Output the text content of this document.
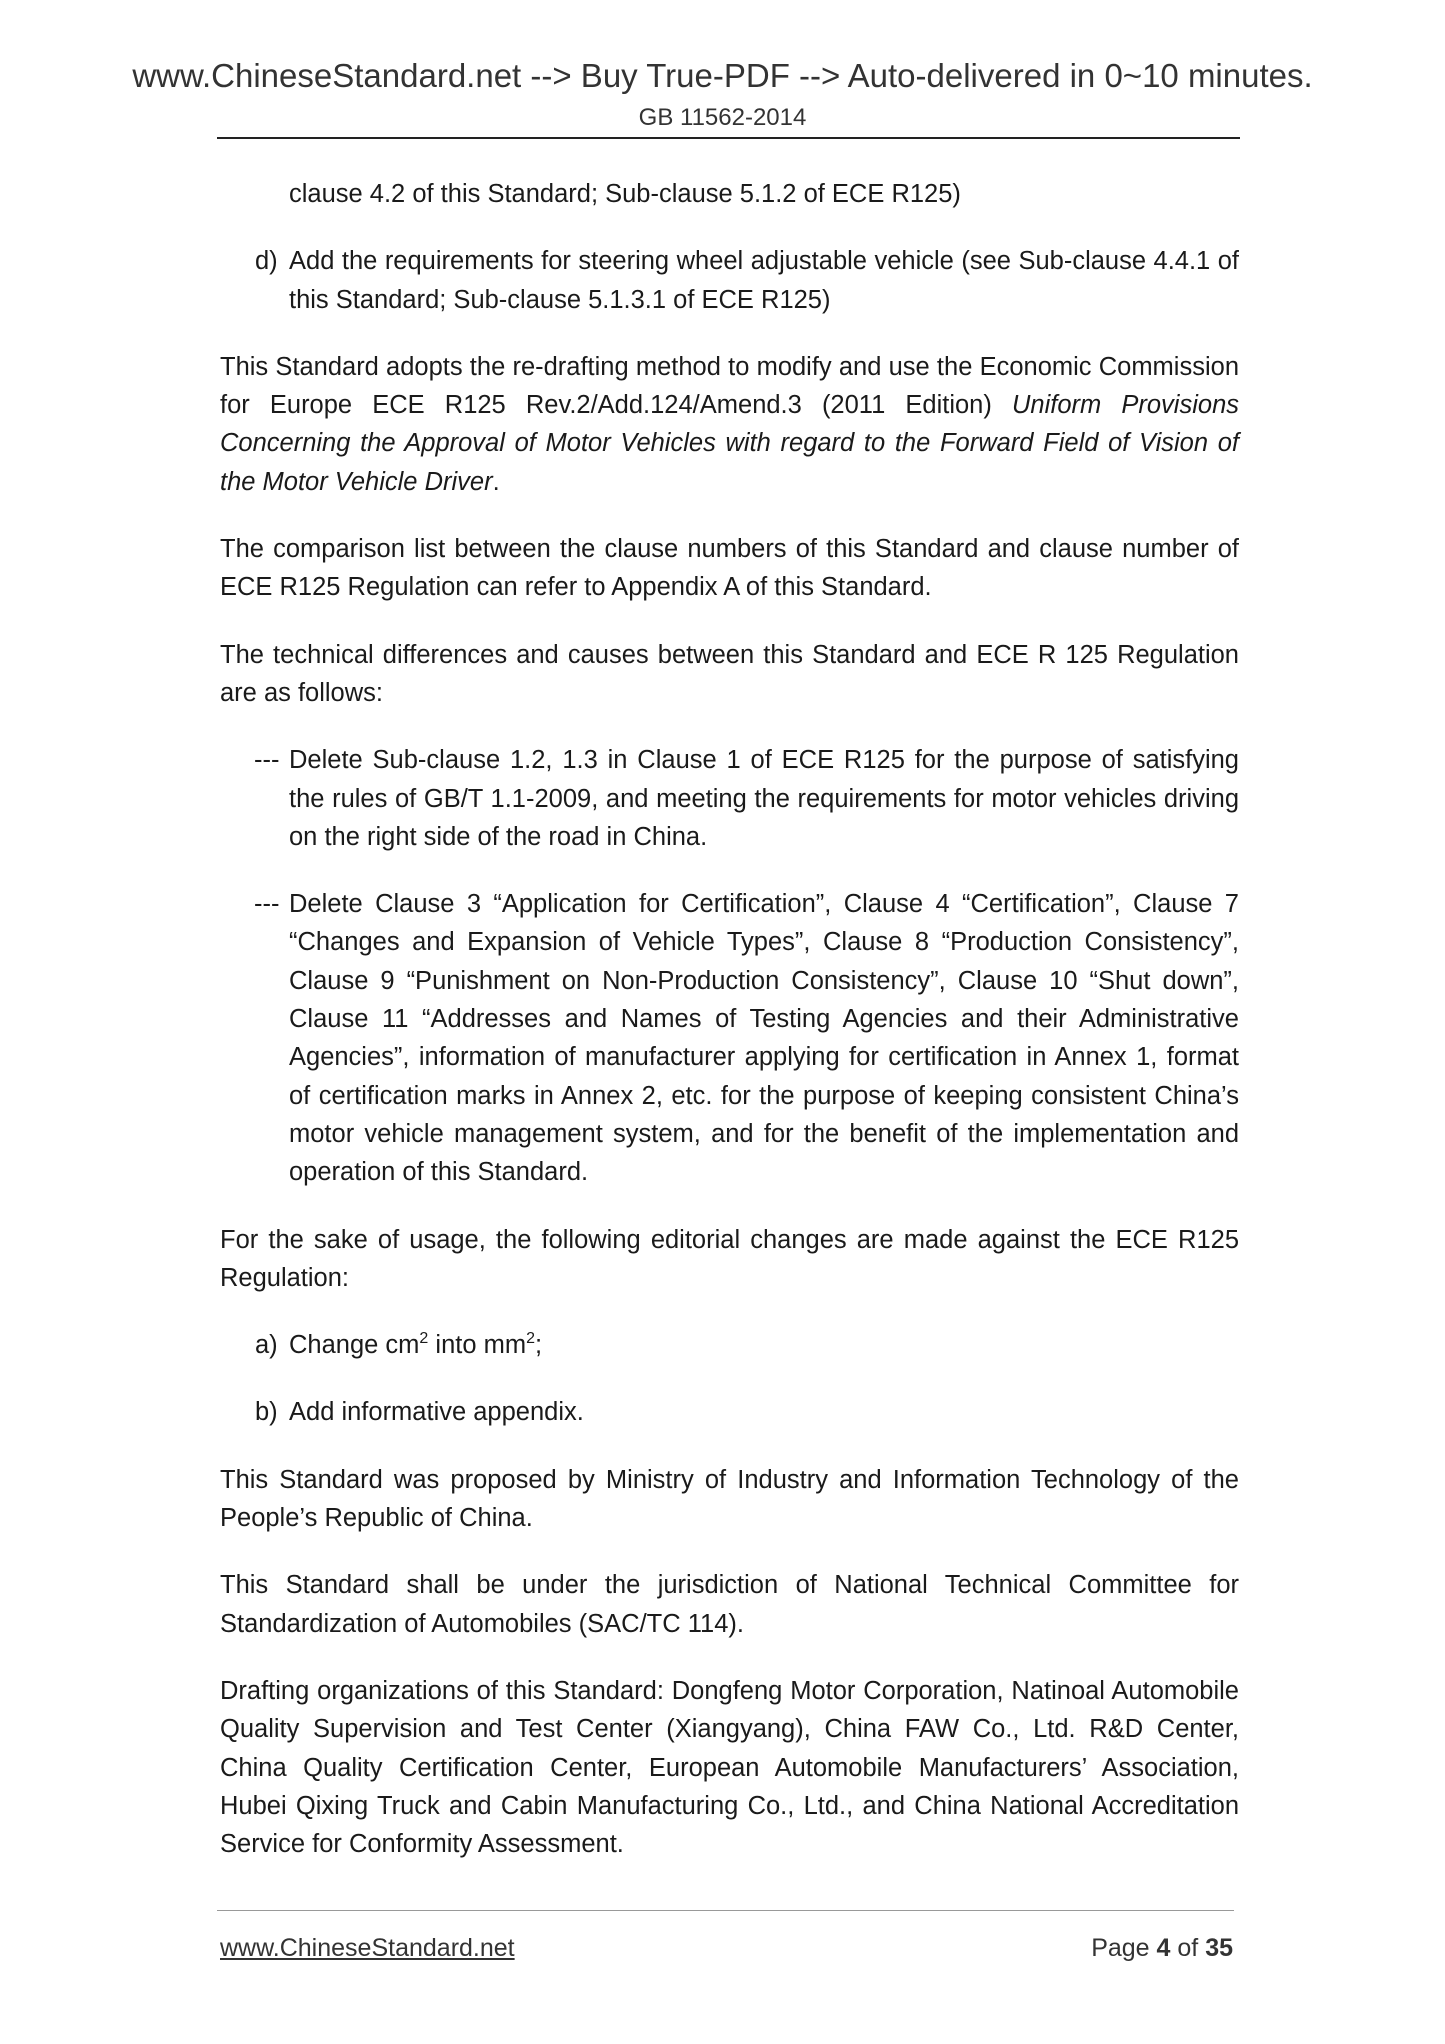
www.ChineseStandard.net --> Buy True-PDF --> Auto-delivered in 0~10 minutes.
GB 11562-2014
clause 4.2 of this Standard; Sub-clause 5.1.2 of ECE R125)
d) Add the requirements for steering wheel adjustable vehicle (see Sub-clause 4.4.1 of this Standard; Sub-clause 5.1.3.1 of ECE R125)
This Standard adopts the re-drafting method to modify and use the Economic Commission for Europe ECE R125 Rev.2/Add.124/Amend.3 (2011 Edition) Uniform Provisions Concerning the Approval of Motor Vehicles with regard to the Forward Field of Vision of the Motor Vehicle Driver.
The comparison list between the clause numbers of this Standard and clause number of ECE R125 Regulation can refer to Appendix A of this Standard.
The technical differences and causes between this Standard and ECE R 125 Regulation are as follows:
--- Delete Sub-clause 1.2, 1.3 in Clause 1 of ECE R125 for the purpose of satisfying the rules of GB/T 1.1-2009, and meeting the requirements for motor vehicles driving on the right side of the road in China.
--- Delete Clause 3 “Application for Certification”, Clause 4 “Certification”, Clause 7 “Changes and Expansion of Vehicle Types”, Clause 8 “Production Consistency”, Clause 9 “Punishment on Non-Production Consistency”, Clause 10 “Shut down”, Clause 11 “Addresses and Names of Testing Agencies and their Administrative Agencies”, information of manufacturer applying for certification in Annex 1, format of certification marks in Annex 2, etc. for the purpose of keeping consistent China’s motor vehicle management system, and for the benefit of the implementation and operation of this Standard.
For the sake of usage, the following editorial changes are made against the ECE R125 Regulation:
a) Change $cm^2$ into $mm^2$;
b) Add informative appendix.
This Standard was proposed by Ministry of Industry and Information Technology of the People’s Republic of China.
This Standard shall be under the jurisdiction of National Technical Committee for Standardization of Automobiles (SAC/TC 114).
Drafting organizations of this Standard: Dongfeng Motor Corporation, Natinoal Automobile Quality Supervision and Test Center (Xiangyang), China FAW Co., Ltd. R&D Center, China Quality Certification Center, European Automobile Manufacturers’ Association, Hubei Qixing Truck and Cabin Manufacturing Co., Ltd., and China National Accreditation Service for Conformity Assessment.
www.ChineseStandard.net	Page 4 of 35
